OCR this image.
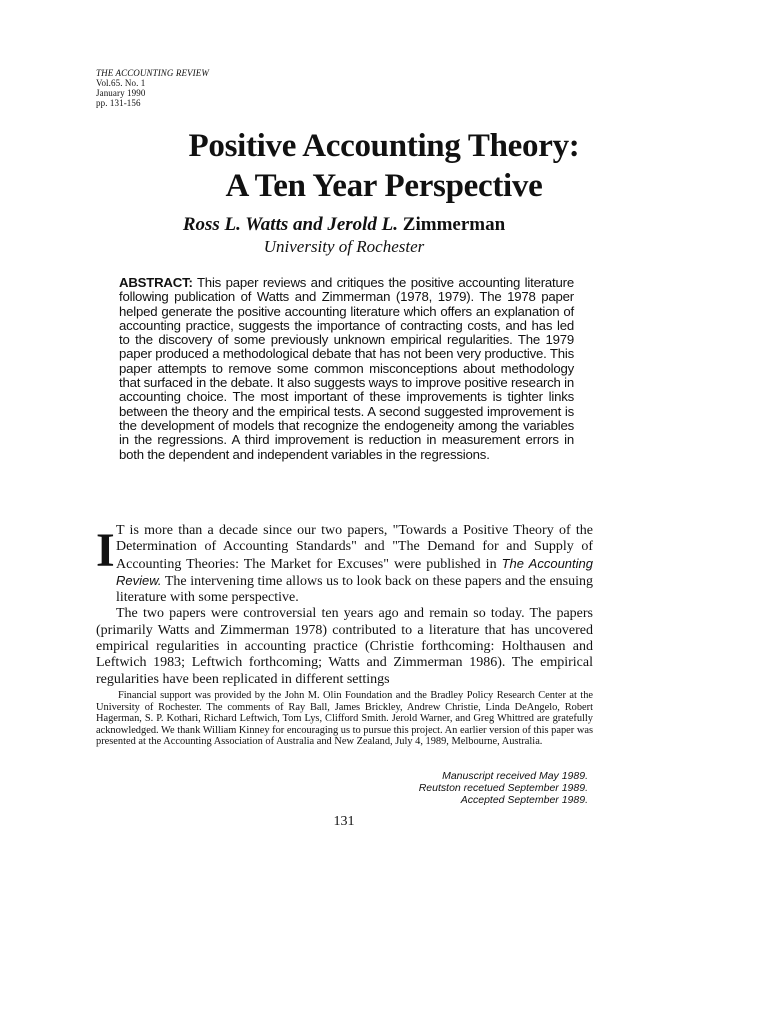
THE ACCOUNTING REVIEW
Vol.65. No. 1
January 1990
pp. 131-156
Positive Accounting Theory:
A Ten Year Perspective
Ross L. Watts and Jerold L. Zimmerman
University of Rochester
ABSTRACT: This paper reviews and critiques the positive accounting literature following publication of Watts and Zimmerman (1978, 1979). The 1978 paper helped generate the positive accounting literature which offers an explanation of accounting practice, suggests the importance of contracting costs, and has led to the discovery of some previously unknown empirical regularities. The 1979 paper produced a methodological debate that has not been very productive. This paper attempts to remove some common misconceptions about methodology that surfaced in the debate. It also suggests ways to improve positive research in accounting choice. The most important of these improvements is tighter links between the theory and the empirical tests. A second suggested improvement is the development of models that recognize the endogeneity among the variables in the regressions. A third improvement is reduction in measurement errors in both the dependent and independent variables in the regressions.
I T is more than a decade since our two papers, "Towards a Positive Theory of the Determination of Accounting Standards" and "The Demand for and Supply of Accounting Theories: The Market for Excuses" were published in The Accounting Review. The intervening time allows us to look back on these papers and the ensuing literature with some perspective.
The two papers were controversial ten years ago and remain so today. The papers (primarily Watts and Zimmerman 1978) contributed to a literature that has uncovered empirical regularities in accounting practice (Christie forthcoming: Holthausen and Leftwich 1983; Leftwich forthcoming; Watts and Zimmerman 1986). The empirical regularities have been replicated in different settings
Financial support was provided by the John M. Olin Foundation and the Bradley Policy Research Center at the University of Rochester. The comments of Ray Ball, James Brickley, Andrew Christie, Linda DeAngelo, Robert Hagerman, S. P. Kothari, Richard Leftwich, Tom Lys, Clifford Smith. Jerold Warner, and Greg Whittred are gratefully acknowledged. We thank William Kinney for encouraging us to pursue this project. An earlier version of this paper was presented at the Accounting Association of Australia and New Zealand, July 4, 1989, Melbourne, Australia.
Manuscript received May 1989.
Reutston recetued September 1989.
Accepted September 1989.
131
